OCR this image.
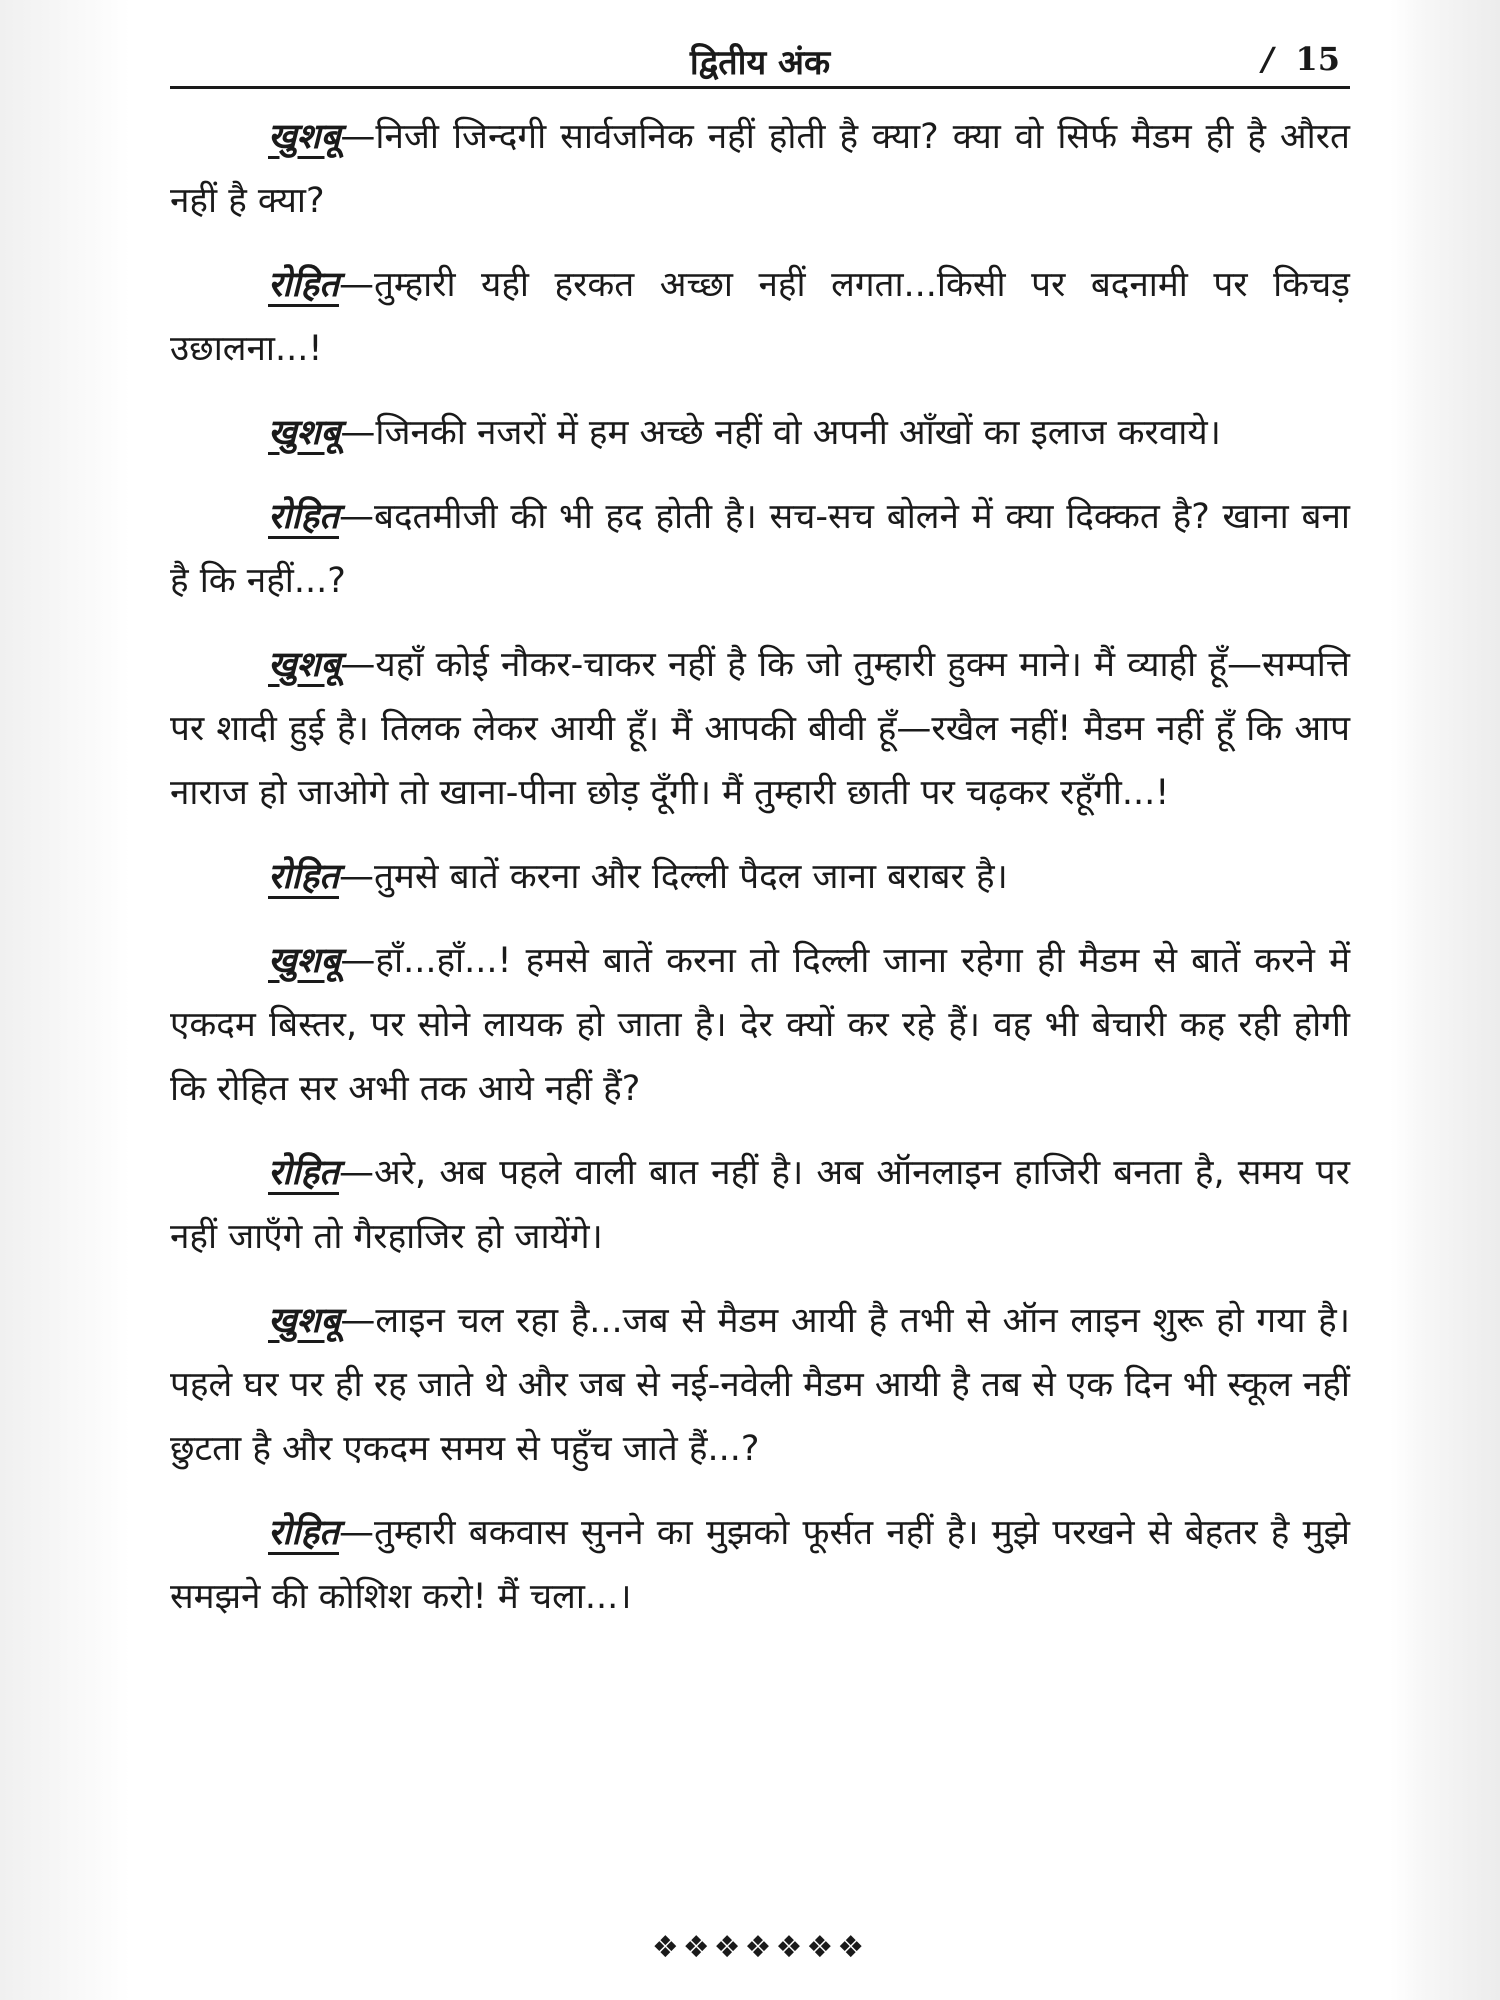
द्वितीय अंक	/ 15

खुशबू—निजी जिन्दगी सार्वजनिक नहीं होती है क्या? क्या वो सिर्फ मैडम ही है औरत नहीं है क्या?

रोहित—तुम्हारी यही हरकत अच्छा नहीं लगता...किसी पर बदनामी पर किचड़ उछालना...!

खुशबू—जिनकी नजरों में हम अच्छे नहीं वो अपनी आँखों का इलाज करवाये।

रोहित—बदतमीजी की भी हद होती है। सच-सच बोलने में क्या दिक्कत है? खाना बना है कि नहीं...?

खुशबू—यहाँ कोई नौकर-चाकर नहीं है कि जो तुम्हारी हुक्म माने। मैं व्याही हूँ—सम्पत्ति पर शादी हुई है। तिलक लेकर आयी हूँ। मैं आपकी बीवी हूँ—रखैल नहीं! मैडम नहीं हूँ कि आप नाराज हो जाओगे तो खाना-पीना छोड़ दूँगी। मैं तुम्हारी छाती पर चढ़कर रहूँगी...!

रोहित—तुमसे बातें करना और दिल्ली पैदल जाना बराबर है।

खुशबू—हाँ...हाँ...! हमसे बातें करना तो दिल्ली जाना रहेगा ही मैडम से बातें करने में एकदम बिस्तर, पर सोने लायक हो जाता है। देर क्यों कर रहे हैं। वह भी बेचारी कह रही होगी कि रोहित सर अभी तक आये नहीं हैं?

रोहित—अरे, अब पहले वाली बात नहीं है। अब ऑनलाइन हाजिरी बनता है, समय पर नहीं जाएँगे तो गैरहाजिर हो जायेंगे।

खुशबू—लाइन चल रहा है...जब से मैडम आयी है तभी से ऑन लाइन शुरू हो गया है। पहले घर पर ही रह जाते थे और जब से नई-नवेली मैडम आयी है तब से एक दिन भी स्कूल नहीं छुटता है और एकदम समय से पहुँच जाते हैं...?

रोहित—तुम्हारी बकवास सुनने का मुझको फूर्सत नहीं है। मुझे परखने से बेहतर है मुझे समझने की कोशिश करो! मैं चला...।

❖❖❖❖❖❖❖
